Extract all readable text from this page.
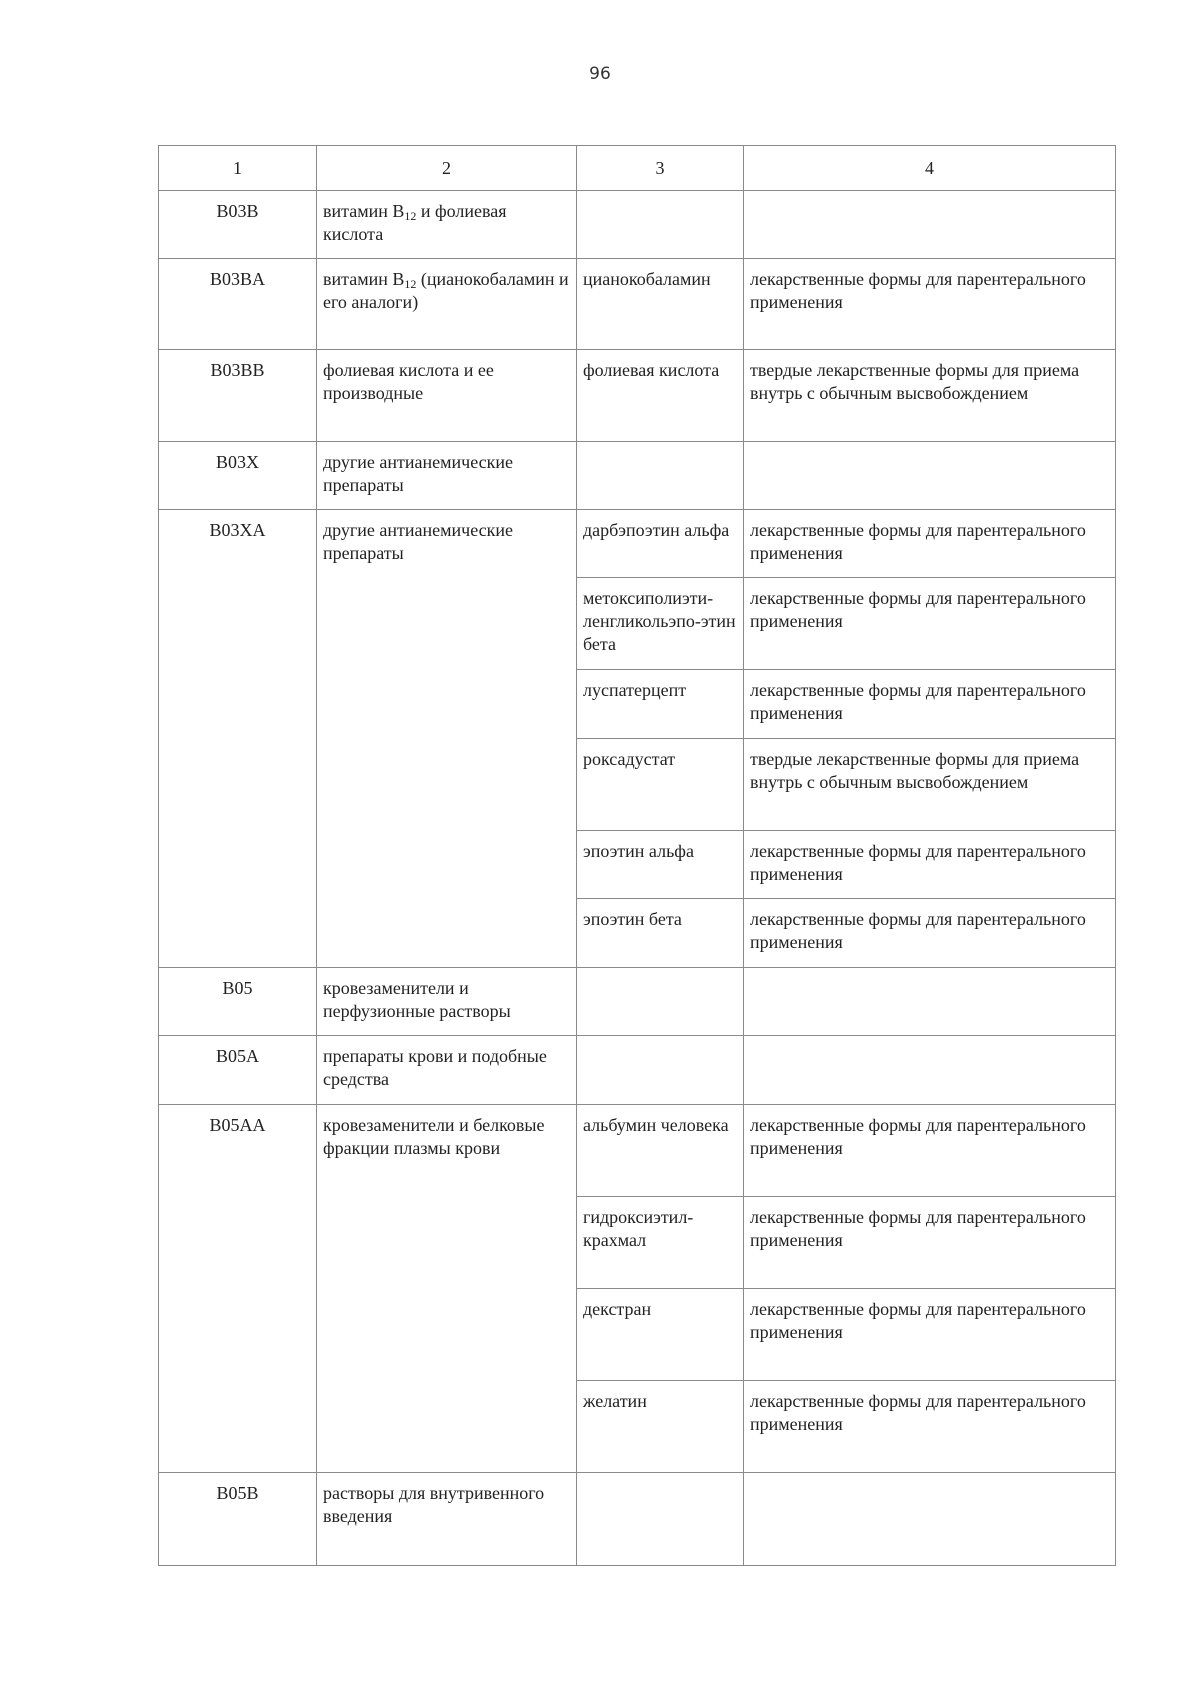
96
1	2	3	4
B03B	витамин $B_{12}$ и фолиевая кислота		
B03BA	витамин $B_{12}$ (цианокобаламин и его аналоги)	цианокобаламин	лекарственные формы для парентерального применения
B03BB	фолиевая кислота и ее производные	фолиевая кислота	твердые лекарственные формы для приема внутрь с обычным высвобождением
B03X	другие антианемические препараты		
B03XA	другие антианемические препараты	дарбэпоэтин альфа	лекарственные формы для парентерального применения
		метоксиполиэти-ленгликольэпо-этин бета	лекарственные формы для парентерального применения
		луспатерцепт	лекарственные формы для парентерального применения
		роксадустат	твердые лекарственные формы для приема внутрь с обычным высвобождением
		эпоэтин альфа	лекарственные формы для парентерального применения
		эпоэтин бета	лекарственные формы для парентерального применения
B05	кровезаменители и перфузионные растворы		
B05A	препараты крови и подобные средства		
B05AA	кровезаменители и белковые фракции плазмы крови	альбумин человека	лекарственные формы для парентерального применения
		гидроксиэтил-крахмал	лекарственные формы для парентерального применения
		декстран	лекарственные формы для парентерального применения
		желатин	лекарственные формы для парентерального применения
B05B	растворы для внутривенного введения		
